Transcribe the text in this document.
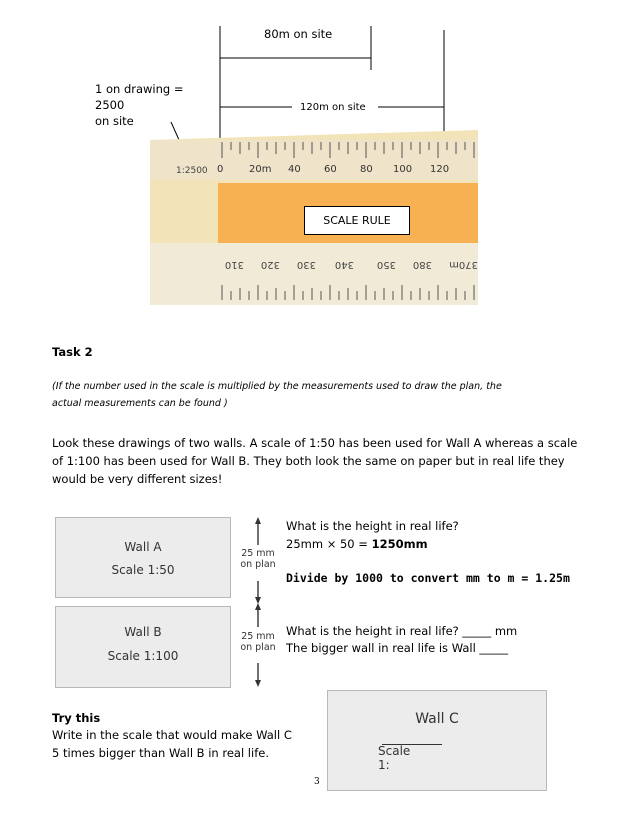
80m on site
1 on drawing =
2500
on site
120m on site
1:2500 0	20m 40 60 80 100 120
370m
380
350
340
330
320
310
SCALE RULE
Task 2
(If the number used in the scale is multiplied by the measurements used to draw the plan, the
actual measurements can be found )
Look these drawings of two walls. A scale of 1:50 has been used for Wall A whereas a scale
of 1:100 has been used for Wall B. They both look the same on paper but in real life they
would be very different sizes!
Wall A
Scale 1:50
Wall B
Scale 1:100
25 mm
on plan
25 mm
on plan
What is the height in real life?
25mm × 50 = 1250mm
Divide by 1000 to convert mm to m = 1.25m
What is the height in real life? _____ mm
The bigger wall in real life is Wall _____
Try this
Write in the scale that would make Wall C
5 times bigger than Wall B in real life.
Wall C
Scale 1:
3
